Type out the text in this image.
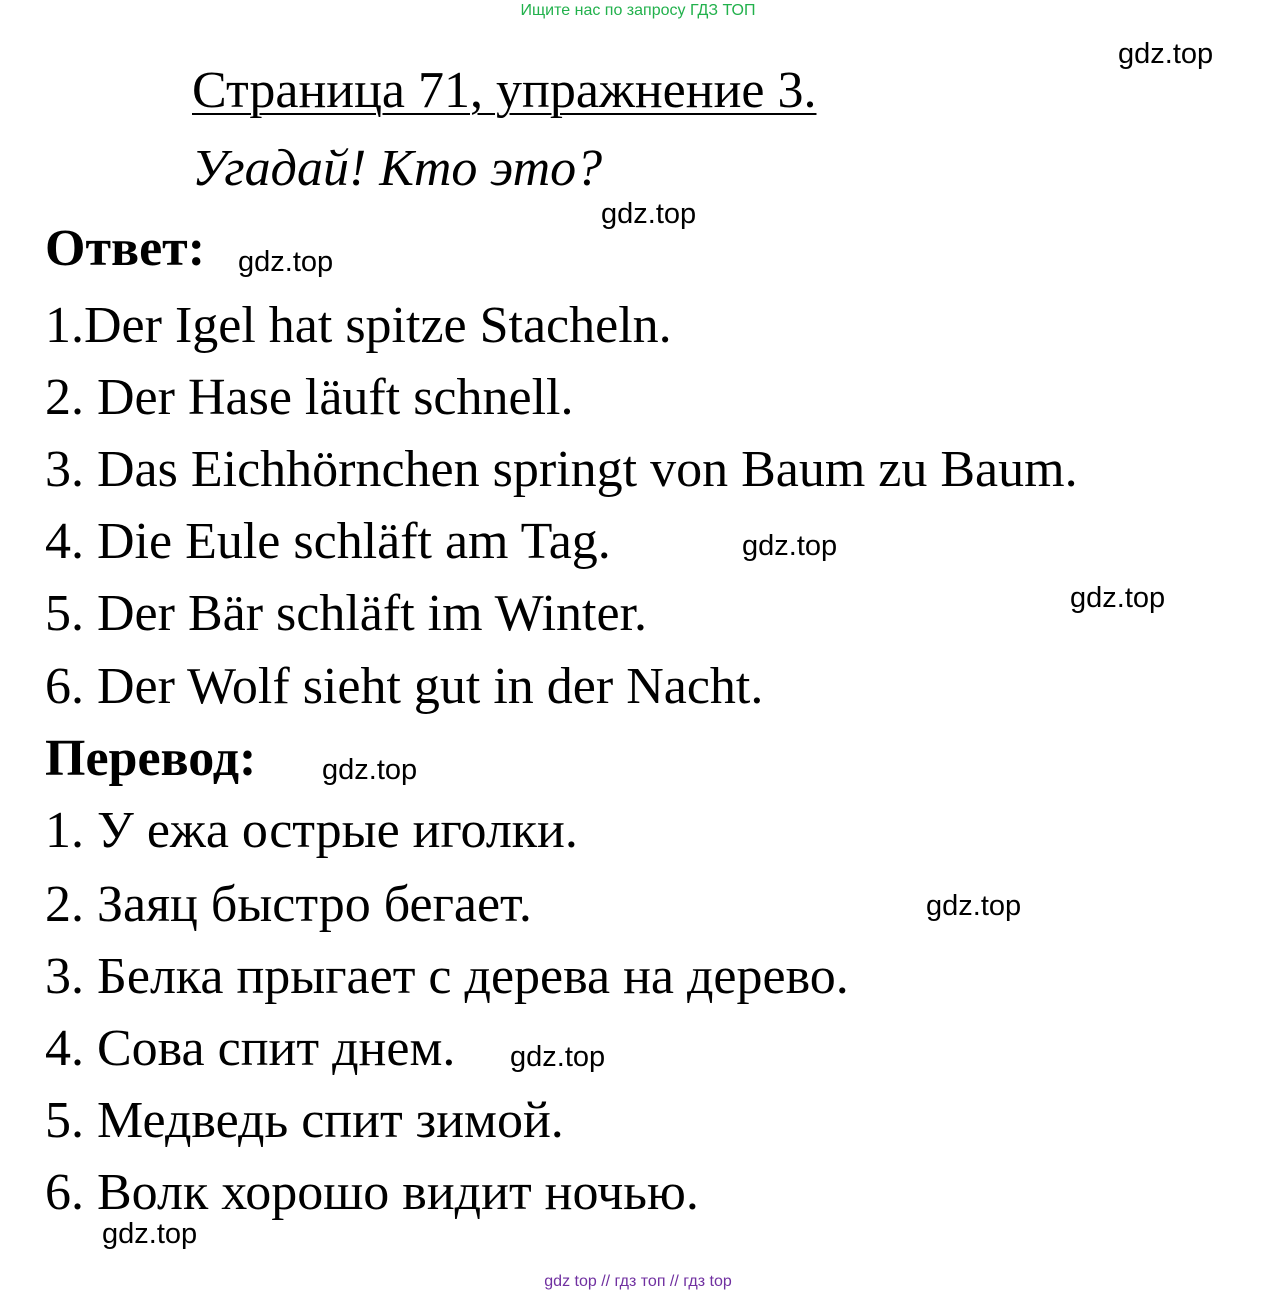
Ищите нас по запросу ГДЗ ТОП
gdz.top
Страница 71, упражнение 3.
Угадай! Кто это?
gdz.top
Ответ: gdz.top
1.Der Igel hat spitze Stacheln.
2. Der Hase läuft schnell.
3. Das Eichhörnchen springt von Baum zu Baum.
4. Die Eule schläft am Tag.	gdz.top
5. Der Bär schläft im Winter.	gdz.top
6. Der Wolf sieht gut in der Nacht.
Перевод: gdz.top
1. У ежа острые иголки.
2. Заяц быстро бегает.	gdz.top
3. Белка прыгает с дерева на дерево.
4. Сова спит днем. gdz.top
5. Медведь спит зимой.
6. Волк хорошо видит ночью.
gdz.top
gdz top // гдз топ // гдз top
